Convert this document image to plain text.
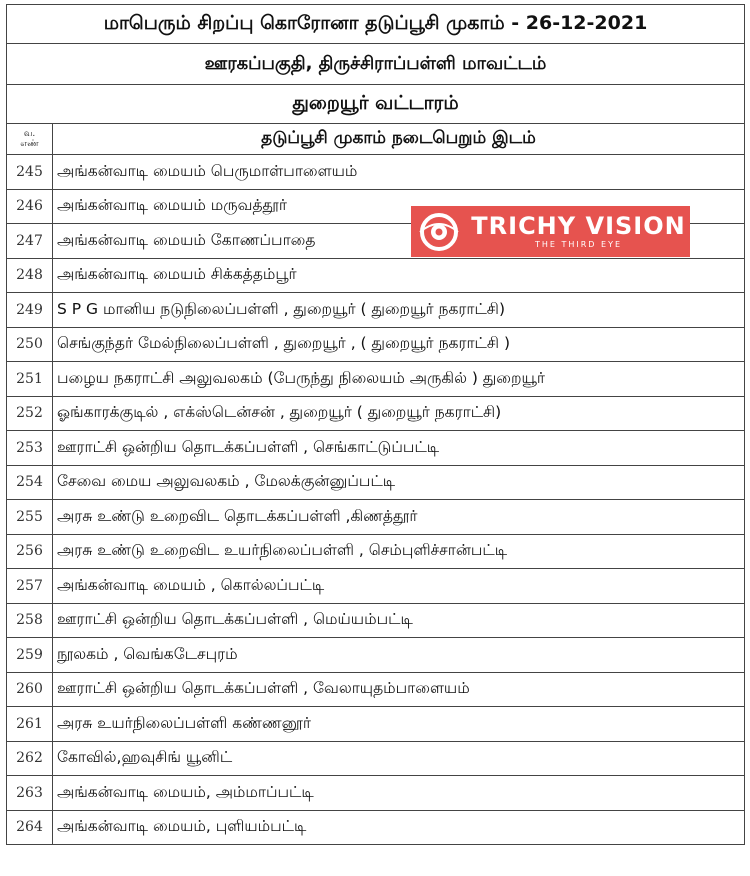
மாபெரும் சிறப்பு கொரோனா தடுப்பூசி முகாம் - 26-12-2021	
ஊரகப்பகுதி, திருச்சிராப்பள்ளி மாவட்டம்	
துறையூர் வட்டாரம்	
வ.
எண்	தடுப்பூசி முகாம் நடைபெறும் இடம்
245	அங்கன்வாடி மையம் பெருமாள்பாளையம்
246	அங்கன்வாடி மையம் மருவத்தூர்
247	அங்கன்வாடி மையம் கோணப்பாதை
248	அங்கன்வாடி மையம் சிக்கத்தம்பூர்
249	S P G மானிய நடுநிலைப்பள்ளி , துறையூர் ( துறையூர் நகராட்சி)
250	செங்குந்தர் மேல்நிலைப்பள்ளி , துறையூர் , ( துறையூர் நகராட்சி )
251	பழைய நகராட்சி அலுவலகம் (பேருந்து நிலையம் அருகில் ) துறையூர்
252	ஓங்காரக்குடில் , எக்ஸ்டென்சன் , துறையூர் ( துறையூர் நகராட்சி)
253	ஊராட்சி ஒன்றிய தொடக்கப்பள்ளி , செங்காட்டுப்பட்டி
254	சேவை மைய அலுவலகம் , மேலக்குன்னுப்பட்டி
255	அரசு உண்டு உறைவிட தொடக்கப்பள்ளி ,கிணத்தூர்
256	அரசு உண்டு உறைவிட உயர்நிலைப்பள்ளி , செம்புளிச்சான்பட்டி
257	அங்கன்வாடி மையம் , கொல்லப்பட்டி
258	ஊராட்சி ஒன்றிய தொடக்கப்பள்ளி , மெய்யம்பட்டி
259	நூலகம் , வெங்கடேசபுரம்
260	ஊராட்சி ஒன்றிய தொடக்கப்பள்ளி , வேலாயுதம்பாளையம்
261	அரசு உயர்நிலைப்பள்ளி கண்ணனூர்
262	கோவில்,ஹவுசிங் யூனிட்
263	அங்கன்வாடி மையம், அம்மாப்பட்டி
264	அங்கன்வாடி மையம், புளியம்பட்டி
TRICHY VISION
THE THIRD EYE
